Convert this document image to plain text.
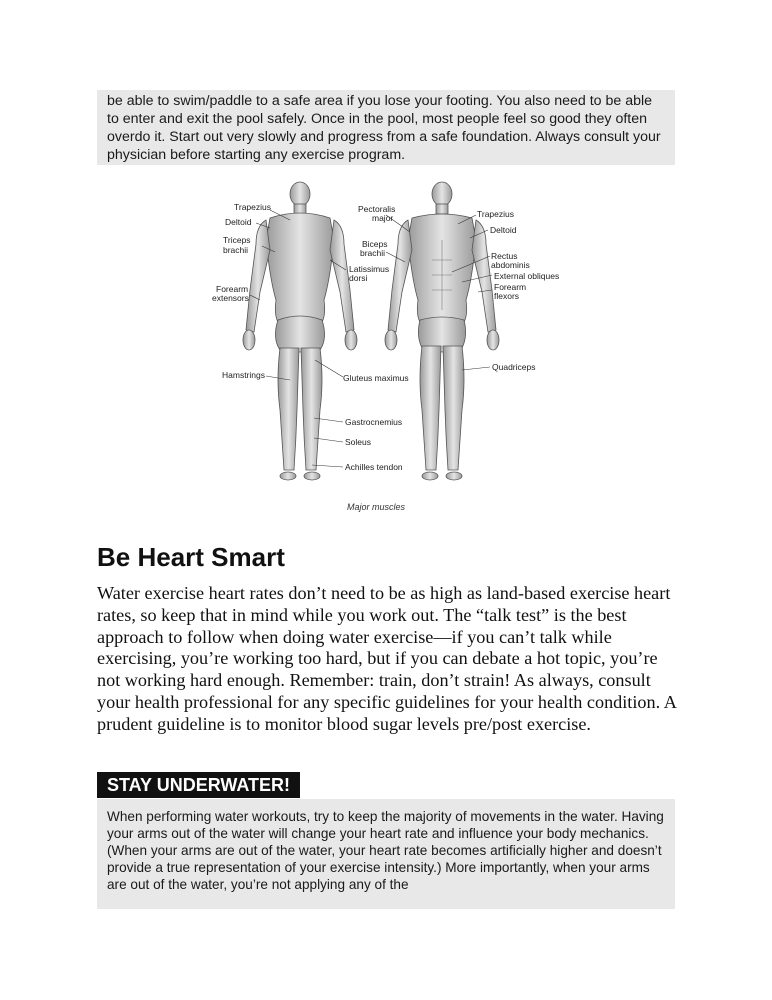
be able to swim/paddle to a safe area if you lose your footing. You also need to be able to enter and exit the pool safely. Once in the pool, most people feel so good they often overdo it. Start out very slowly and progress from a safe foundation. Always consult your physician before starting any exercise program.

Trapezius
Deltoid
Triceps
brachii
Forearm
extensors
Hamstrings
Pectoralis
major
Biceps
brachii
Latissimus
dorsi
Gluteus maximus
Gastrocnemius
Soleus
Achilles tendon
Trapezius
Deltoid
Rectus
abdominis
External obliques
Forearm
flexors
Quadriceps
Major muscles
Be Heart Smart

Water exercise heart rates don’t need to be as high as land-based exercise heart rates, so keep that in mind while you work out. The “talk test” is the best approach to follow when doing water exercise—if you can’t talk while exercising, you’re working too hard, but if you can debate a hot topic, you’re not working hard enough. Remember: train, don’t strain! As always, consult your health professional for any specific guidelines for your health condition. A prudent guideline is to monitor blood sugar levels pre/post exercise.

STAY UNDERWATER!

When performing water workouts, try to keep the majority of movements in the water. Having your arms out of the water will change your heart rate and influence your body mechanics. (When your arms are out of the water, your heart rate becomes artificially higher and doesn’t provide a true representation of your exercise intensity.) More importantly, when your arms are out of the water, you’re not applying any of the
